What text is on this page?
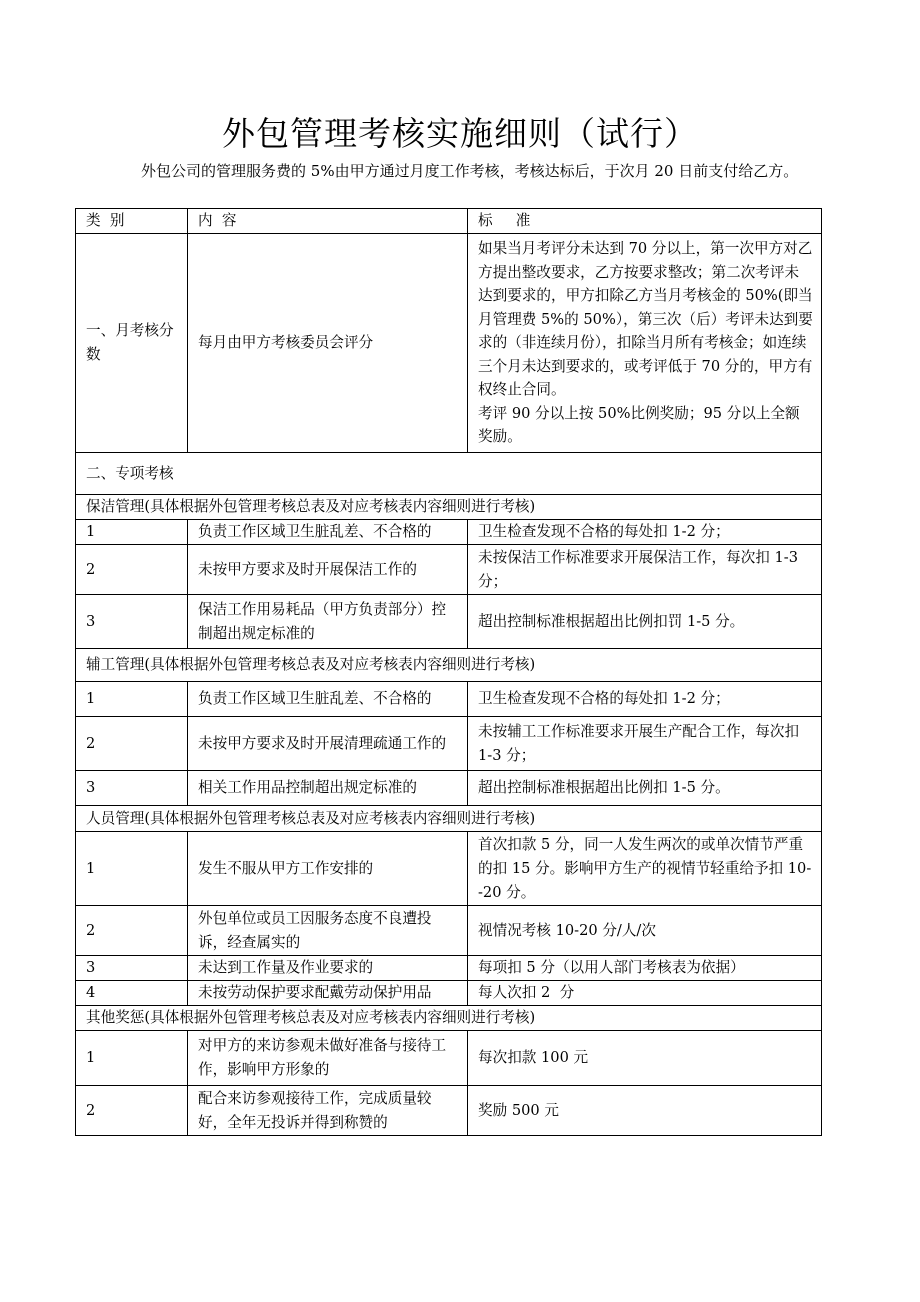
外包管理考核实施细则（试行）
外包公司的管理服务费的 5%由甲方通过月度工作考核，考核达标后，于次月 20 日前支付给乙方。
类  别	内  容	标     准
一、月考核分数	每月由甲方考核委员会评分	如果当月考评分未达到 70 分以上，第一次甲方对乙方提出整改要求，乙方按要求整改；第二次考评未达到要求的，甲方扣除乙方当月考核金的 50%(即当月管理费 5%的 50%），第三次（后）考评未达到要求的（非连续月份），扣除当月所有考核金；如连续三个月未达到要求的，或考评低于 70 分的，甲方有权终止合同。
考评 90 分以上按 50%比例奖励；95 分以上全额奖励。

二、专项考核		
保洁管理(具体根据外包管理考核总表及对应考核表内容细则进行考核)		
1	负责工作区域卫生脏乱差、不合格的	卫生检查发现不合格的每处扣 1-2 分；
2	未按甲方要求及时开展保洁工作的	未按保洁工作标准要求开展保洁工作，每次扣 1-3 分；
3	保洁工作用易耗品（甲方负责部分）控制超出规定标准的	超出控制标准根据超出比例扣罚 1-5 分。
辅工管理(具体根据外包管理考核总表及对应考核表内容细则进行考核)		
1	负责工作区域卫生脏乱差、不合格的	卫生检查发现不合格的每处扣 1-2 分；
2	未按甲方要求及时开展清理疏通工作的	未按辅工工作标准要求开展生产配合工作，每次扣 1-3 分；
3	相关工作用品控制超出规定标准的	超出控制标准根据超出比例扣 1-5 分。
人员管理(具体根据外包管理考核总表及对应考核表内容细则进行考核)		
1	发生不服从甲方工作安排的	首次扣款 5 分，同一人发生两次的或单次情节严重的扣 15 分。影响甲方生产的视情节轻重给予扣 10--20 分。
2	外包单位或员工因服务态度不良遭投诉，经查属实的	视情况考核 10-20 分/人/次
3	未达到工作量及作业要求的	每项扣 5 分（以用人部门考核表为依据）
4	未按劳动保护要求配戴劳动保护用品	每人次扣 2  分
其他奖惩(具体根据外包管理考核总表及对应考核表内容细则进行考核)		
1	对甲方的来访参观未做好准备与接待工作，影响甲方形象的	每次扣款 100 元
2	配合来访参观接待工作，完成质量较好，全年无投诉并得到称赞的	奖励 500 元
